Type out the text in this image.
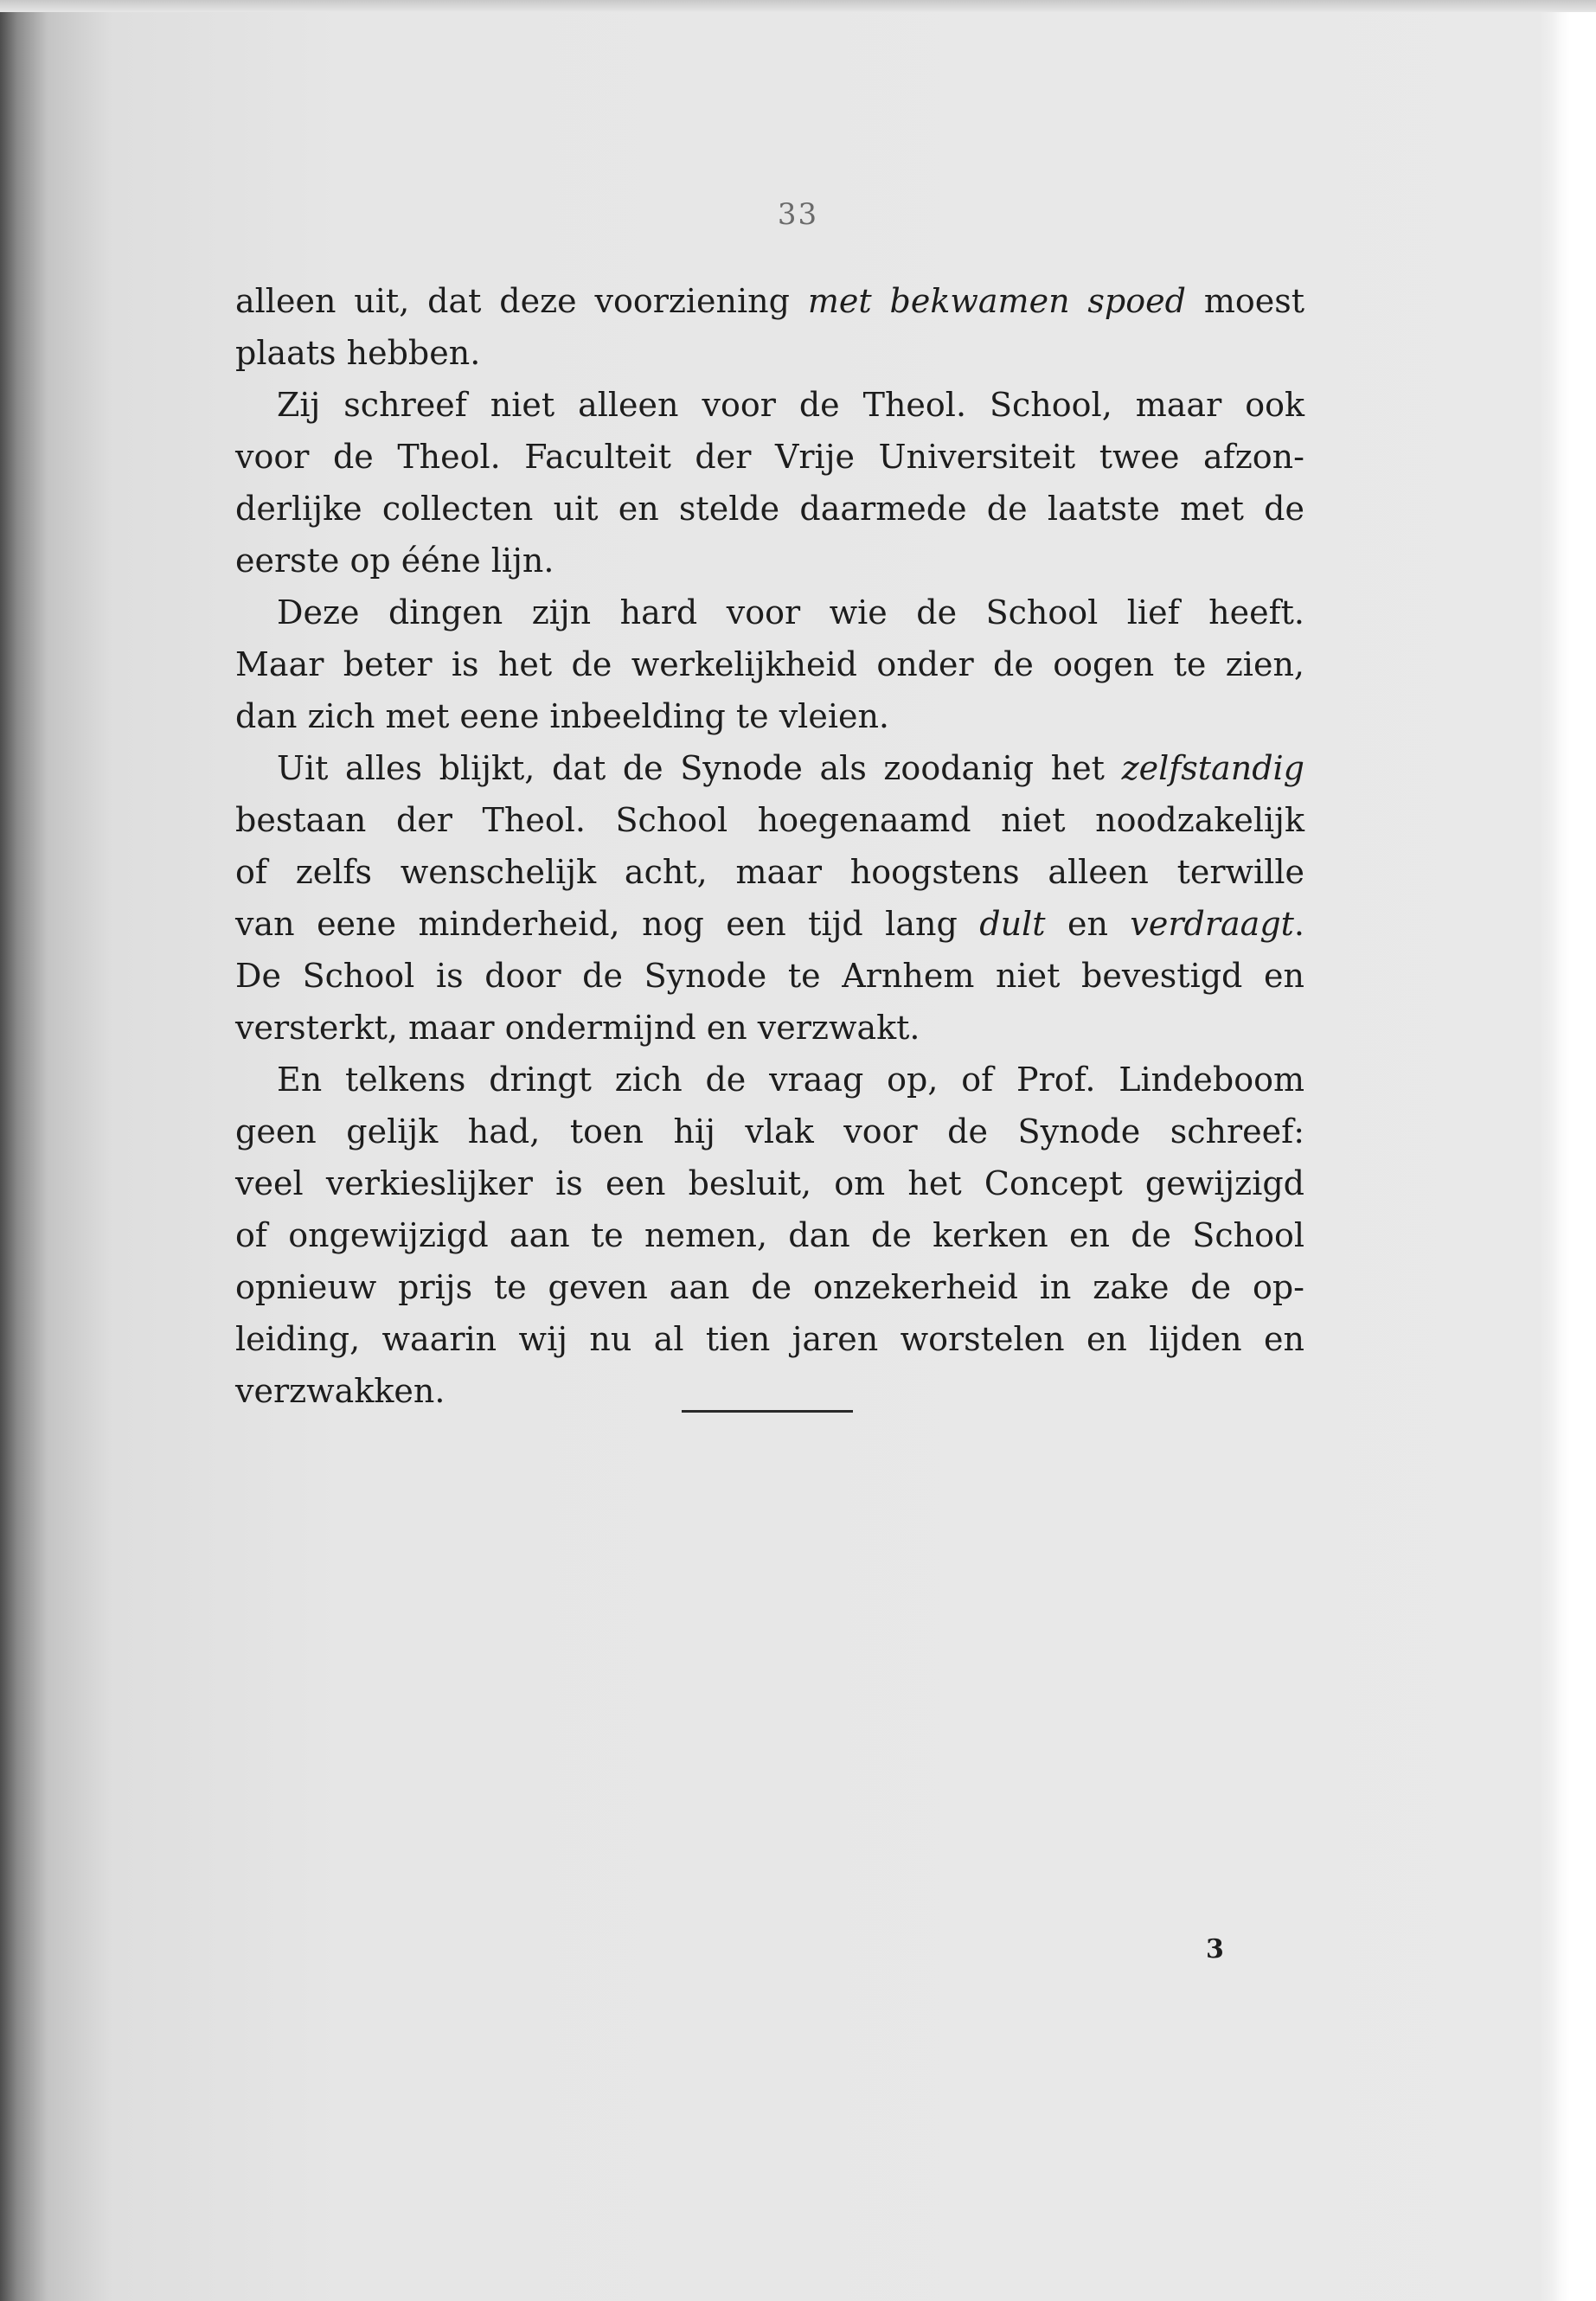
33
alleen uit, dat deze voorziening met bekwamen spoed moest
plaats hebben.
Zij schreef niet alleen voor de Theol. School, maar ook
voor de Theol. Faculteit der Vrije Universiteit twee afzon-
derlijke collecten uit en stelde daarmede de laatste met de
eerste op ééne lijn.
Deze dingen zijn hard voor wie de School lief heeft.
Maar beter is het de werkelijkheid onder de oogen te zien,
dan zich met eene inbeelding te vleien.
Uit alles blijkt, dat de Synode als zoodanig het zelfstandig
bestaan der Theol. School hoegenaamd niet noodzakelijk
of zelfs wenschelijk acht, maar hoogstens alleen terwille
van eene minderheid, nog een tijd lang dult en verdraagt.
De School is door de Synode te Arnhem niet bevestigd en
versterkt, maar ondermijnd en verzwakt.
En telkens dringt zich de vraag op, of Prof. Lindeboom
geen gelijk had, toen hij vlak voor de Synode schreef:
veel verkieslijker is een besluit, om het Concept gewijzigd
of ongewijzigd aan te nemen, dan de kerken en de School
opnieuw prijs te geven aan de onzekerheid in zake de op-
leiding, waarin wij nu al tien jaren worstelen en lijden en
verzwakken.
3
